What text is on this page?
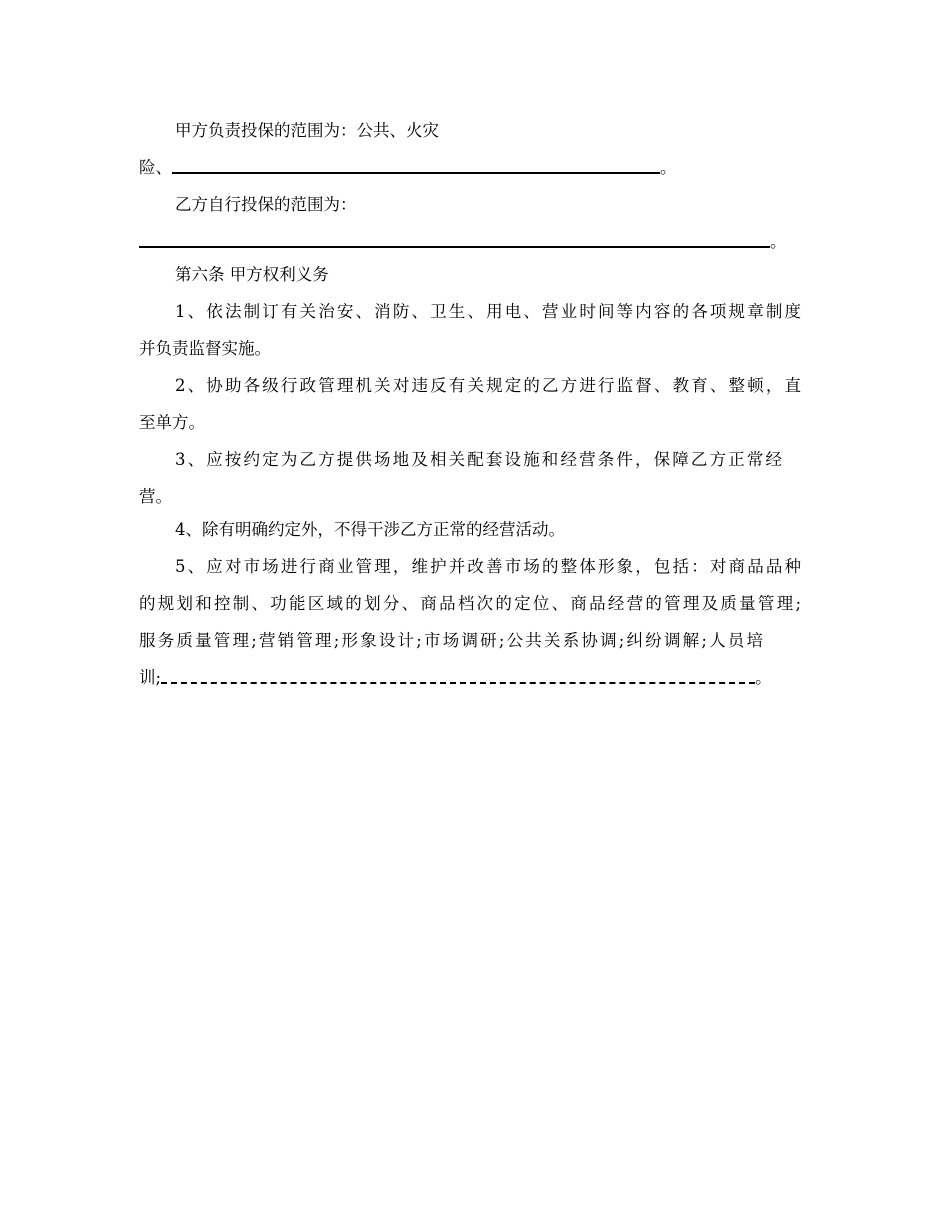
甲方负责投保的范围为：公共、火灾
险、	。
乙方自行投保的范围为：
。
第六条 甲方权利义务
1、依法制订有关治安、消防、卫生、用电、营业时间等内容的各项规章制度
并负责监督实施。
2、协助各级行政管理机关对违反有关规定的乙方进行监督、教育、整顿，直
至单方。
3、应按约定为乙方提供场地及相关配套设施和经营条件，保障乙方正常经
营。
4、除有明确约定外，不得干涉乙方正常的经营活动。
5、应对市场进行商业管理，维护并改善市场的整体形象，包括：对商品品种
的规划和控制、功能区域的划分、商品档次的定位、商品经营的管理及质量管理;
服务质量管理;营销管理;形象设计;市场调研;公共关系协调;纠纷调解;人员培
训;	。
